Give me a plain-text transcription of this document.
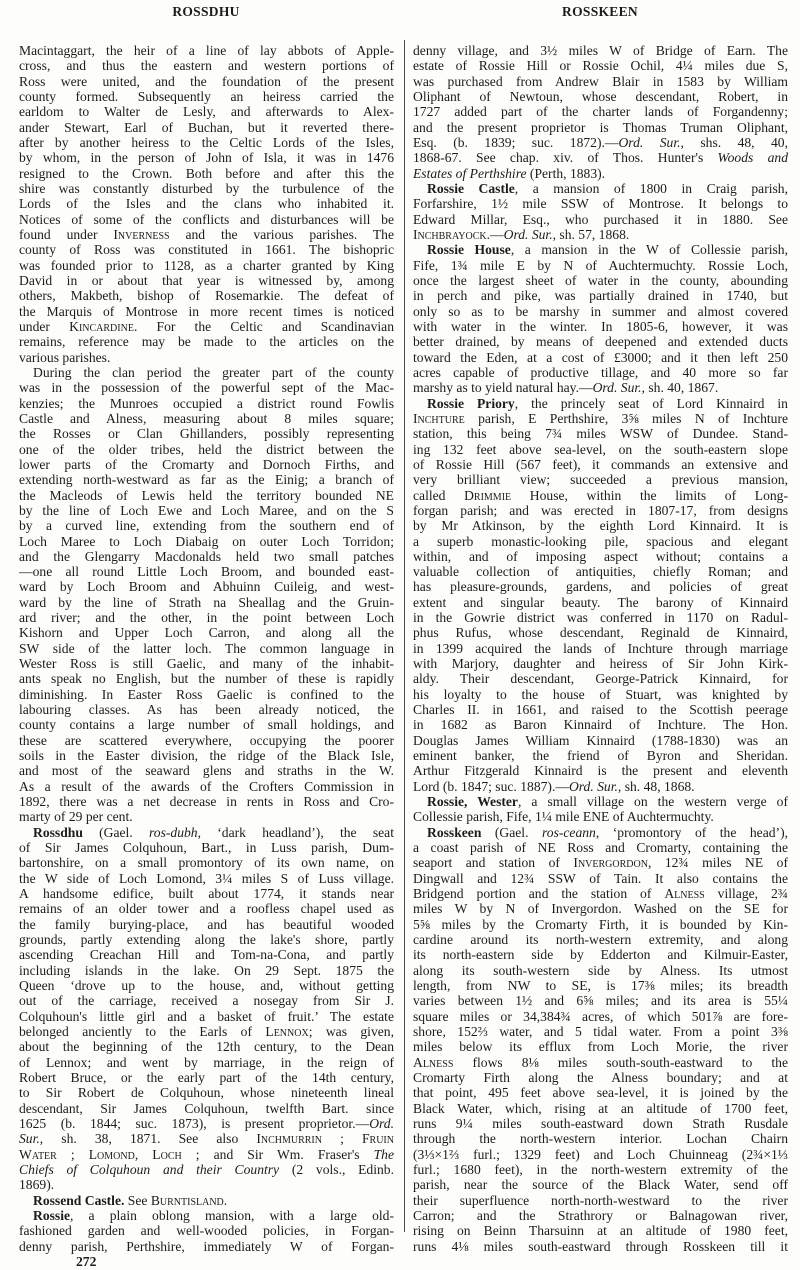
ROSSDHU	ROSSKEEN
Macintaggart, the heir of a line of lay abbots of Apple-
cross, and thus the eastern and western portions of
Ross were united, and the foundation of the present
county formed. Subsequently an heiress carried the
earldom to Walter de Lesly, and afterwards to Alex-
ander Stewart, Earl of Buchan, but it reverted there-
after by another heiress to the Celtic Lords of the Isles,
by whom, in the person of John of Isla, it was in 1476
resigned to the Crown. Both before and after this the
shire was constantly disturbed by the turbulence of the
Lords of the Isles and the clans who inhabited it.
Notices of some of the conflicts and disturbances will be
found under Inverness and the various parishes. The
county of Ross was constituted in 1661. The bishopric
was founded prior to 1128, as a charter granted by King
David in or about that year is witnessed by, among
others, Makbeth, bishop of Rosemarkie. The defeat of
the Marquis of Montrose in more recent times is noticed
under Kincardine. For the Celtic and Scandinavian
remains, reference may be made to the articles on the
various parishes.
During the clan period the greater part of the county
was in the possession of the powerful sept of the Mac-
kenzies; the Munroes occupied a district round Fowlis
Castle and Alness, measuring about 8 miles square;
the Rosses or Clan Ghillanders, possibly representing
one of the older tribes, held the district between the
lower parts of the Cromarty and Dornoch Firths, and
extending north-westward as far as the Einig; a branch of
the Macleods of Lewis held the territory bounded NE
by the line of Loch Ewe and Loch Maree, and on the S
by a curved line, extending from the southern end of
Loch Maree to Loch Diabaig on outer Loch Torridon;
and the Glengarry Macdonalds held two small patches
—one all round Little Loch Broom, and bounded east-
ward by Loch Broom and Abhuinn Cuileig, and west-
ward by the line of Strath na Sheallag and the Gruin-
ard river; and the other, in the point between Loch
Kishorn and Upper Loch Carron, and along all the
SW side of the latter loch. The common language in
Wester Ross is still Gaelic, and many of the inhabit-
ants speak no English, but the number of these is rapidly
diminishing. In Easter Ross Gaelic is confined to the
labouring classes. As has been already noticed, the
county contains a large number of small holdings, and
these are scattered everywhere, occupying the poorer
soils in the Easter division, the ridge of the Black Isle,
and most of the seaward glens and straths in the W.
As a result of the awards of the Crofters Commission in
1892, there was a net decrease in rents in Ross and Cro-
marty of 29 per cent.
Rossdhu (Gael. ros-dubh, ‘dark headland’), the seat
of Sir James Colquhoun, Bart., in Luss parish, Dum-
bartonshire, on a small promontory of its own name, on
the W side of Loch Lomond, 3¼ miles S of Luss village.
A handsome edifice, built about 1774, it stands near
remains of an older tower and a roofless chapel used as
the family burying-place, and has beautiful wooded
grounds, partly extending along the lake's shore, partly
ascending Creachan Hill and Tom-na-Cona, and partly
including islands in the lake. On 29 Sept. 1875 the
Queen ‘drove up to the house, and, without getting
out of the carriage, received a nosegay from Sir J.
Colquhoun's little girl and a basket of fruit.’ The estate
belonged anciently to the Earls of Lennox; was given,
about the beginning of the 12th century, to the Dean
of Lennox; and went by marriage, in the reign of
Robert Bruce, or the early part of the 14th century,
to Sir Robert de Colquhoun, whose nineteenth lineal
descendant, Sir James Colquhoun, twelfth Bart. since
1625 (b. 1844; suc. 1873), is present proprietor.—Ord.
Sur., sh. 38, 1871. See also Inchmurrin ; Fruin
Water ; Lomond, Loch ; and Sir Wm. Fraser's The
Chiefs of Colquhoun and their Country (2 vols., Edinb.
1869).
Rossend Castle. See Burntisland.
Rossie, a plain oblong mansion, with a large old-
fashioned garden and well-wooded policies, in Forgan-
denny parish, Perthshire, immediately W of Forgan-
denny village, and 3½ miles W of Bridge of Earn. The
estate of Rossie Hill or Rossie Ochil, 4¼ miles due S,
was purchased from Andrew Blair in 1583 by William
Oliphant of Newtoun, whose descendant, Robert, in
1727 added part of the charter lands of Forgandenny;
and the present proprietor is Thomas Truman Oliphant,
Esq. (b. 1839; suc. 1872).—Ord. Sur., shs. 48, 40,
1868-67. See chap. xiv. of Thos. Hunter's Woods and
Estates of Perthshire (Perth, 1883).
Rossie Castle, a mansion of 1800 in Craig parish,
Forfarshire, 1½ mile SSW of Montrose. It belongs to
Edward Millar, Esq., who purchased it in 1880. See
Inchbrayock.—Ord. Sur., sh. 57, 1868.
Rossie House, a mansion in the W of Collessie parish,
Fife, 1¾ mile E by N of Auchtermuchty. Rossie Loch,
once the largest sheet of water in the county, abounding
in perch and pike, was partially drained in 1740, but
only so as to be marshy in summer and almost covered
with water in the winter. In 1805-6, however, it was
better drained, by means of deepened and extended ducts
toward the Eden, at a cost of £3000; and it then left 250
acres capable of productive tillage, and 40 more so far
marshy as to yield natural hay.—Ord. Sur., sh. 40, 1867.
Rossie Priory, the princely seat of Lord Kinnaird in
Inchture parish, E Perthshire, 3⅝ miles N of Inchture
station, this being 7¾ miles WSW of Dundee. Stand-
ing 132 feet above sea-level, on the south-eastern slope
of Rossie Hill (567 feet), it commands an extensive and
very brilliant view; succeeded a previous mansion,
called Drimmie House, within the limits of Long-
forgan parish; and was erected in 1807-17, from designs
by Mr Atkinson, by the eighth Lord Kinnaird. It is
a superb monastic-looking pile, spacious and elegant
within, and of imposing aspect without; contains a
valuable collection of antiquities, chiefly Roman; and
has pleasure-grounds, gardens, and policies of great
extent and singular beauty. The barony of Kinnaird
in the Gowrie district was conferred in 1170 on Radul-
phus Rufus, whose descendant, Reginald de Kinnaird,
in 1399 acquired the lands of Inchture through marriage
with Marjory, daughter and heiress of Sir John Kirk-
aldy. Their descendant, George-Patrick Kinnaird, for
his loyalty to the house of Stuart, was knighted by
Charles II. in 1661, and raised to the Scottish peerage
in 1682 as Baron Kinnaird of Inchture. The Hon.
Douglas James William Kinnaird (1788-1830) was an
eminent banker, the friend of Byron and Sheridan.
Arthur Fitzgerald Kinnaird is the present and eleventh
Lord (b. 1847; suc. 1887).—Ord. Sur., sh. 48, 1868.
Rossie, Wester, a small village on the western verge of
Collessie parish, Fife, 1¼ mile ENE of Auchtermuchty.
Rosskeen (Gael. ros-ceann, ‘promontory of the head’),
a coast parish of NE Ross and Cromarty, containing the
seaport and station of Invergordon, 12¾ miles NE of
Dingwall and 12¾ SSW of Tain. It also contains the
Bridgend portion and the station of Alness village, 2¾
miles W by N of Invergordon. Washed on the SE for
5⅝ miles by the Cromarty Firth, it is bounded by Kin-
cardine around its north-western extremity, and along
its north-eastern side by Edderton and Kilmuir-Easter,
along its south-western side by Alness. Its utmost
length, from NW to SE, is 17⅜ miles; its breadth
varies between 1½ and 6⅝ miles; and its area is 55¼
square miles or 34,384¾ acres, of which 501⅞ are fore-
shore, 152⅔ water, and 5 tidal water. From a point 3⅜
miles below its efflux from Loch Morie, the river
Alness flows 8⅛ miles south-south-eastward to the
Cromarty Firth along the Alness boundary; and at
that point, 495 feet above sea-level, it is joined by the
Black Water, which, rising at an altitude of 1700 feet,
runs 9¼ miles south-eastward down Strath Rusdale
through the north-western interior. Lochan Chairn
(3⅓×1⅔ furl.; 1329 feet) and Loch Chuinneag (2¾×1⅓
furl.; 1680 feet), in the north-western extremity of the
parish, near the source of the Black Water, send off
their superfluence north-north-westward to the river
Carron; and the Strathrory or Balnagowan river,
rising on Beinn Tharsuinn at an altitude of 1980 feet,
runs 4⅛ miles south-eastward through Rosskeen till it
272
